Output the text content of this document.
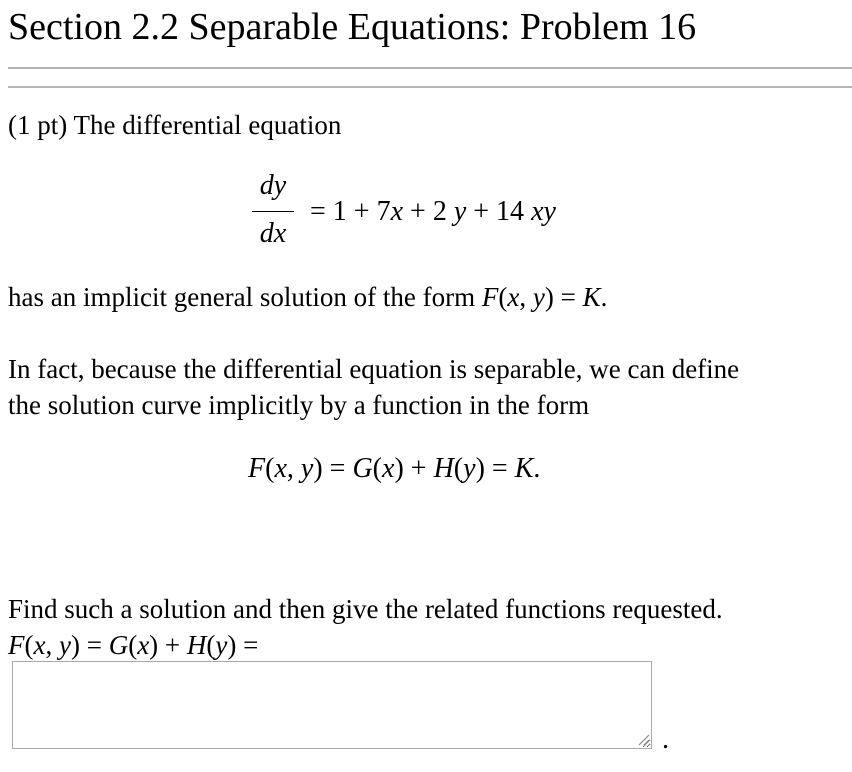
Section 2.2 Separable Equations: Problem 16

(1 pt) The differential equation

dy
dx
= 1 + 7x + 2 y + 14 xy

has an implicit general solution of the form F(x, y) = K.

In fact, because the differential equation is separable, we can define

the solution curve implicitly by a function in the form

F(x, y) = G(x) + H(y) = K.
Find such a solution and then give the related functions requested.
F(x, y) = G(x) + H(y) =
.
